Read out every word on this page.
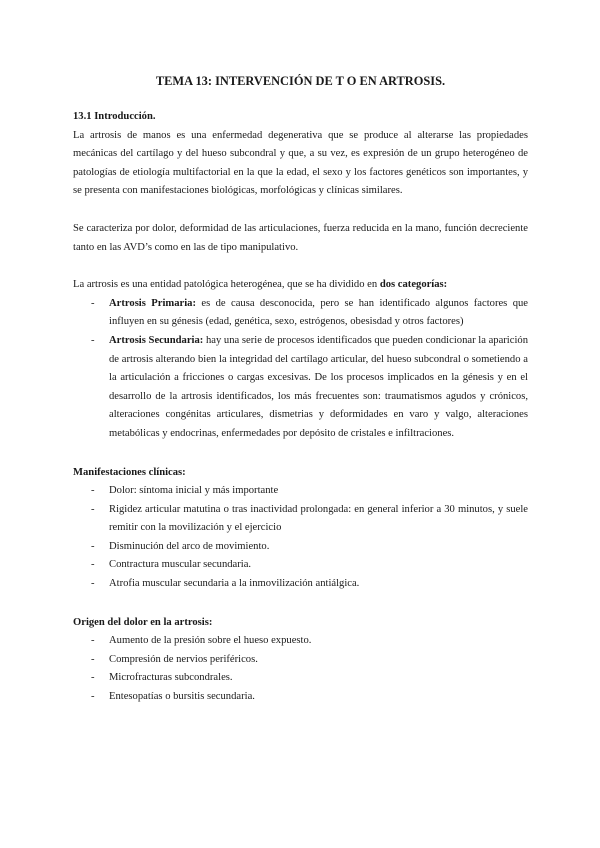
TEMA 13: INTERVENCIÓN DE T O EN ARTROSIS.
13.1 Introducción.

La artrosis de manos es una enfermedad degenerativa que se produce al alterarse las propiedades mecánicas del cartílago y del hueso subcondral y que, a su vez, es expresión de un grupo heterogéneo de patologías de etiología multifactorial en la que la edad, el sexo y los factores genéticos son importantes, y se presenta con manifestaciones biológicas, morfológicas y clínicas similares.

Se caracteriza por dolor, deformidad de las articulaciones, fuerza reducida en la mano, función decreciente tanto en las AVD’s como en las de tipo manipulativo.

La artrosis es una entidad patológica heterogénea, que se ha dividido en dos categorías:

- Artrosis Primaria: es de causa desconocida, pero se han identificado algunos factores que influyen en su génesis (edad, genética, sexo, estrógenos, obesisdad y otros factores)
- Artrosis Secundaria: hay una serie de procesos identificados que pueden condicionar la aparición de artrosis alterando bien la integridad del cartílago articular, del hueso subcondral o sometiendo a la articulación a fricciones o cargas excesivas. De los procesos implicados en la génesis y en el desarrollo de la artrosis identificados, los más frecuentes son: traumatismos agudos y crónicos, alteraciones congénitas articulares, dismetrias y deformidades en varo y valgo, alteraciones metabólicas y endocrinas, enfermedades por depósito de cristales e infiltraciones.
Manifestaciones clínicas:
- Dolor: síntoma inicial y más importante
- Rigidez articular matutina o tras inactividad prolongada: en general inferior a 30 minutos, y suele remitir con la movilización y el ejercicio
- Disminución del arco de movimiento.
- Contractura muscular secundaria.
- Atrofia muscular secundaria a la inmovilización antiálgica.
Origen del dolor en la artrosis:
- Aumento de la presión sobre el hueso expuesto.
- Compresión de nervios periféricos.
- Microfracturas subcondrales.
- Entesopatías o bursitis secundaria.
